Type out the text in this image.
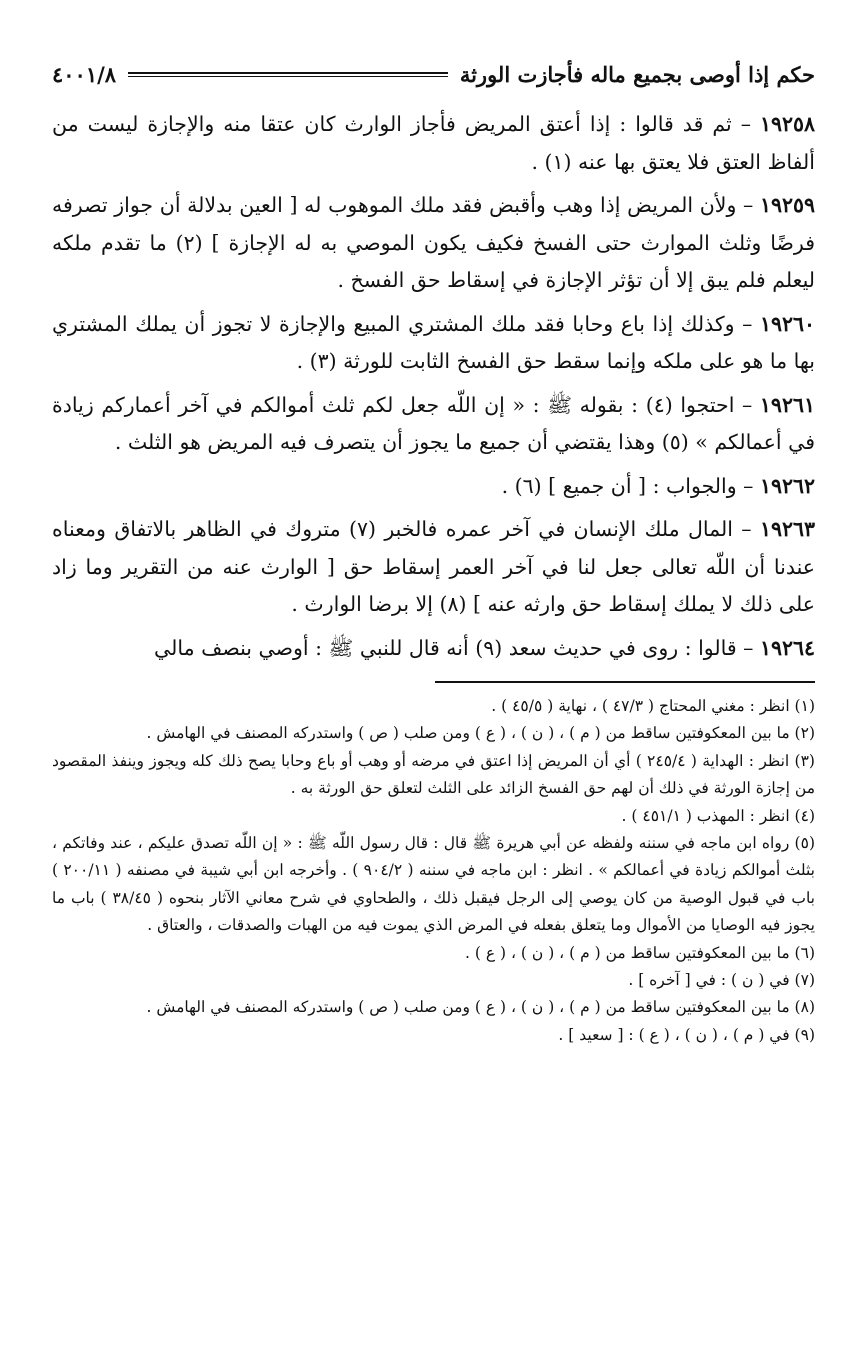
حكم إذا أوصى بجميع ماله فأجازت الورثة
٤٠٠١/٨

١٩٢٥٨ – ثم قد قالوا : إذا أعتق المريض فأجاز الوارث كان عتقا منه والإجازة ليست من ألفاظ العتق فلا يعتق بها عنه (١) .

١٩٢٥٩ – ولأن المريض إذا وهب وأقبض فقد ملك الموهوب له [ العين بدلالة أن جواز تصرفه فرضًا وثلث الموارث حتى الفسخ فكيف يكون الموصي به له الإجازة ] (٢) ما تقدم ملكه ليعلم فلم يبق إلا أن تؤثر الإجازة في إسقاط حق الفسخ .

١٩٢٦٠ – وكذلك إذا باع وحابا فقد ملك المشتري المبيع والإجازة لا تجوز أن يملك المشتري بها ما هو على ملكه وإنما سقط حق الفسخ الثابت للورثة (٣) .

١٩٢٦١ – احتجوا (٤) : بقوله ﷺ : « إن اللّه جعل لكم ثلث أموالكم في آخر أعماركم زيادة في أعمالكم » (٥) وهذا يقتضي أن جميع ما يجوز أن يتصرف فيه المريض هو الثلث .

١٩٢٦٢ – والجواب : [ أن جميع ] (٦) .

١٩٢٦٣ – المال ملك الإنسان في آخر عمره فالخبر (٧) متروك في الظاهر بالاتفاق ومعناه عندنا أن اللّه تعالى جعل لنا في آخر العمر إسقاط حق [ الوارث عنه من التقرير وما زاد على ذلك لا يملك إسقاط حق وارثه عنه ] (٨) إلا برضا الوارث .

١٩٢٦٤ – قالوا : روى في حديث سعد (٩) أنه قال للنبي ﷺ : أوصي بنصف مالي

(١) انظر : مغني المحتاج ( ٤٧/٣ ) ، نهاية ( ٤٥/٥ ) .

(٢) ما بين المعكوفتين ساقط من ( م ) ، ( ن ) ، ( ع ) ومن صلب ( ص ) واستدركه المصنف في الهامش .

(٣) انظر : الهداية ( ٢٤٥/٤ ) أي أن المريض إذا اعتق في مرضه أو وهب أو باع وحابا يصح ذلك كله ويجوز وينفذ المقصود من إجازة الورثة في ذلك أن لهم حق الفسخ الزائد على الثلث لتعلق حق الورثة به .

(٤) انظر : المهذب ( ٤٥١/١ ) .

(٥) رواه ابن ماجه في سننه ولفظه عن أبي هريرة ﷺ قال : قال رسول اللّه ﷺ : « إن اللّه تصدق عليكم ، عند وفاتكم ، بثلث أموالكم زيادة في أعمالكم » . انظر : ابن ماجه في سننه ( ٩٠٤/٢ ) . وأخرجه ابن أبي شيبة في مصنفه ( ٢٠٠/١١ ) باب في قبول الوصية من كان يوصي إلى الرجل فيقبل ذلك ، والطحاوي في شرح معاني الآثار بنحوه ( ٣٨/٤٥ ) باب ما يجوز فيه الوصايا من الأموال وما يتعلق بفعله في المرض الذي يموت فيه من الهبات والصدقات ، والعتاق .

(٦) ما بين المعكوفتين ساقط من ( م ) ، ( ن ) ، ( ع ) .

(٧) في ( ن ) : في [ آخره ] .

(٨) ما بين المعكوفتين ساقط من ( م ) ، ( ن ) ، ( ع ) ومن صلب ( ص ) واستدركه المصنف في الهامش .

(٩) في ( م ) ، ( ن ) ، ( ع ) : [ سعيد ] .
